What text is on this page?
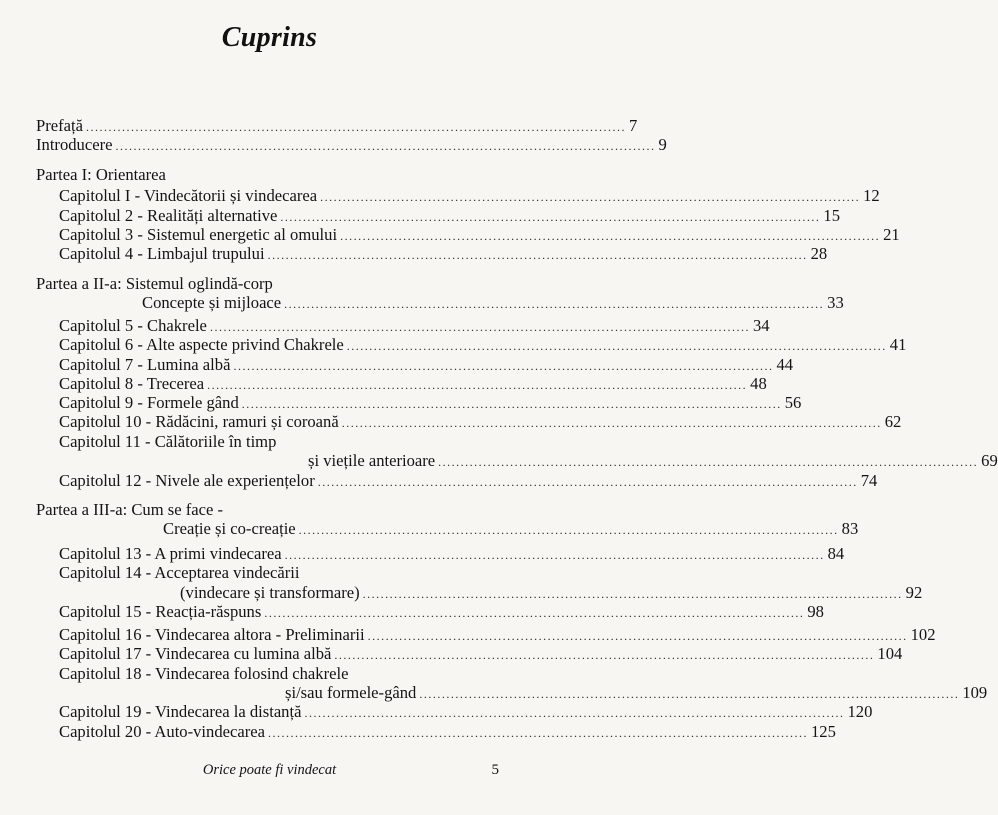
Cuprins
Prefață ........................................................................................................................ 7
Introducere ........................................................................................................................ 9
Partea I: Orientarea
Capitolul I - Vindecătorii și vindecarea ........................................................................................................................ 12
Capitolul 2 - Realități alternative ........................................................................................................................ 15
Capitolul 3 - Sistemul energetic al omului ........................................................................................................................ 21
Capitolul 4 - Limbajul trupului ........................................................................................................................ 28
Partea a II-a: Sistemul oglindă-corp
Concepte și mijloace ........................................................................................................................ 33
Capitolul 5 - Chakrele ........................................................................................................................ 34
Capitolul 6 - Alte aspecte privind Chakrele ........................................................................................................................ 41
Capitolul 7 - Lumina albă ........................................................................................................................ 44
Capitolul 8 - Trecerea ........................................................................................................................ 48
Capitolul 9 - Formele gând ........................................................................................................................ 56
Capitolul 10 - Rădăcini, ramuri și coroană ........................................................................................................................ 62
Capitolul 11 - Călătoriile în timp
și viețile anterioare ........................................................................................................................ 69
Capitolul 12 - Nivele ale experiențelor ........................................................................................................................ 74
Partea a III-a: Cum se face -
Creație și co-creație ........................................................................................................................ 83
Capitolul 13 - A primi vindecarea ........................................................................................................................ 84
Capitolul 14 - Acceptarea vindecării
(vindecare și transformare) ........................................................................................................................ 92
Capitolul 15 - Reacția-răspuns ........................................................................................................................ 98
Capitolul 16 - Vindecarea altora - Preliminarii ........................................................................................................................ 102
Capitolul 17 - Vindecarea cu lumina albă ........................................................................................................................ 104
Capitolul 18 - Vindecarea folosind chakrele
și/sau formele-gând ........................................................................................................................ 109
Capitolul 19 - Vindecarea la distanță ........................................................................................................................ 120
Capitolul 20 - Auto-vindecarea ........................................................................................................................ 125
Orice poate fi vindecat	5
